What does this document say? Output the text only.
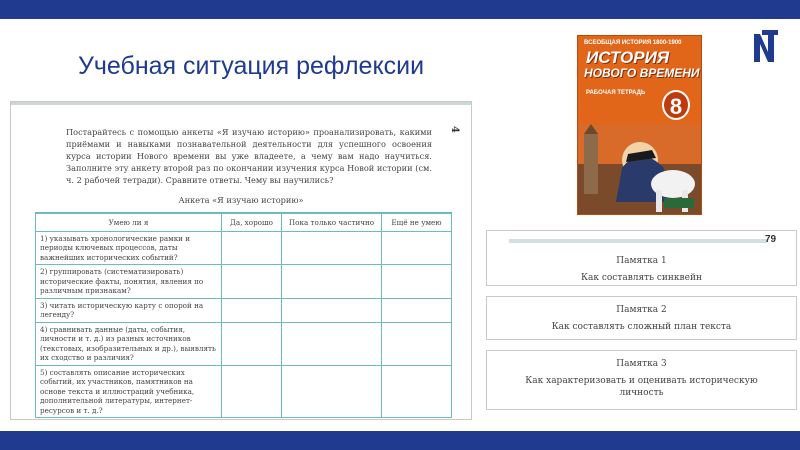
Учебная ситуация рефлексии
ВСЕОБЩАЯ ИСТОРИЯ 1800-1900
ИСТОРИЯ
НОВОГО ВРЕМЕНИ
РАБОЧАЯ ТЕТРАДЬ
8
4
Постарайтесь с помощью анкеты «Я изучаю историю» проанализировать, какими приёмами и навыками познавательной деятельности для успешного освоения курса истории Нового времени вы уже владеете, а чему вам надо научиться. Заполните эту анкету второй раз по окончании изучения курса Новой истории (см. ч. 2 рабочей тетради). Сравните ответы. Чему вы научились?
Анкета «Я изучаю историю»
Умею ли я	Да, хорошо	Пока только частично	Ещё не умею
1) указывать хронологические рамки и периоды ключевых процессов, даты важнейших исторических событий?			
2) группировать (систематизировать) исторические факты, понятия, явления по различным признакам?			
3) читать историческую карту с опорой на легенду?			
4) сравнивать данные (даты, события, личности и т. д.) из разных источников (текстовых, изобразительных и др.), выявлять их сходство и различия?			
5) составлять описание исторических событий, их участников, памятников на основе текста и иллюстраций учебника, дополнительной литературы, интернет-ресурсов и т. д.?			
79
Памятка 1
Как составлять синквейн
Памятка 2
Как составлять сложный план текста
Памятка 3
Как характеризовать и оценивать историческую личность
